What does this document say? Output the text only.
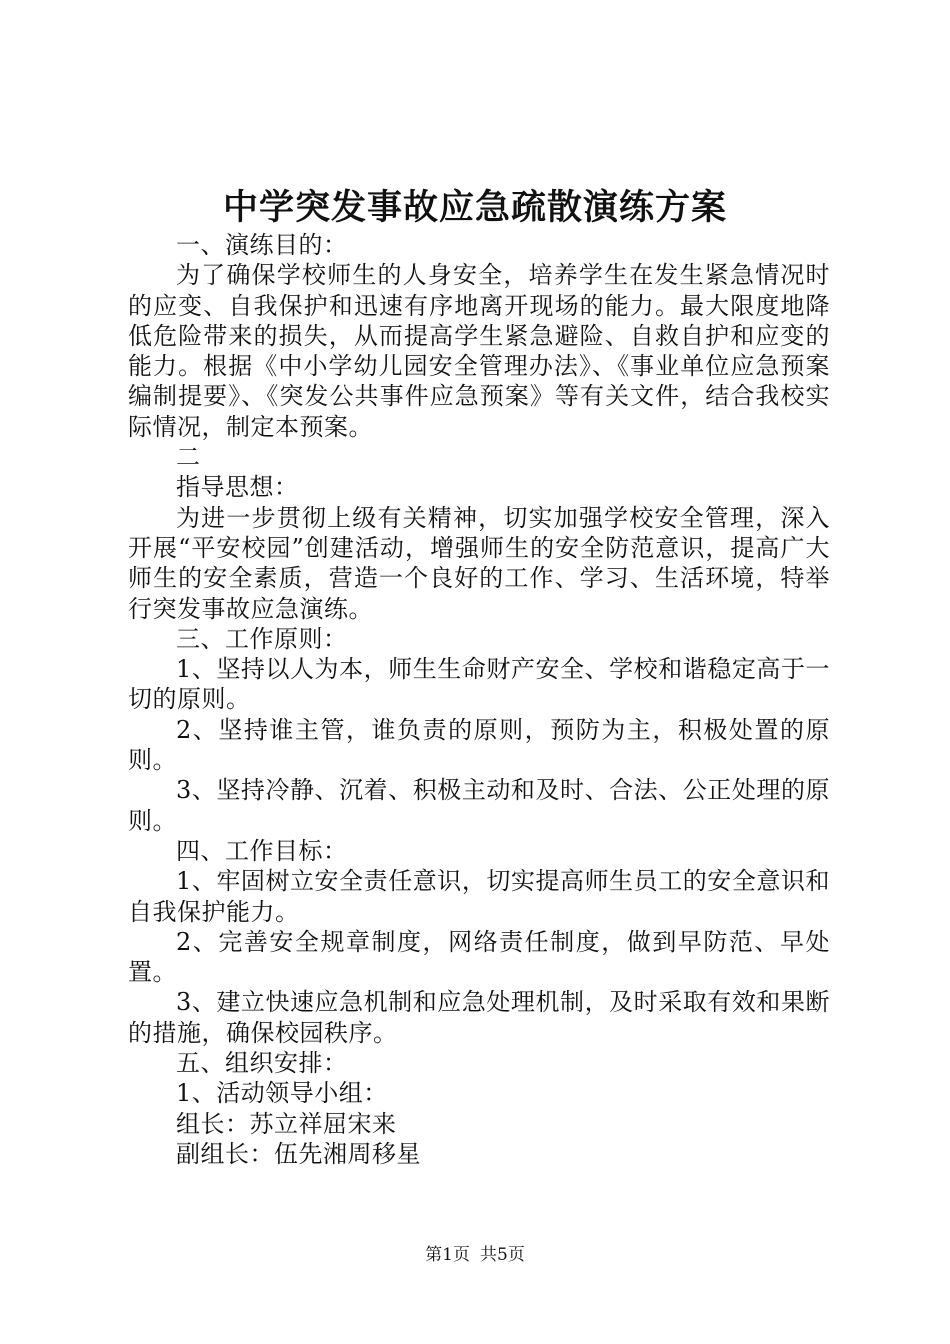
中学突发事故应急疏散演练方案

一、演练目的：

为了确保学校师生的人身安全，培养学生在发生紧急情况时的应变、自我保护和迅速有序地离开现场的能力。最大限度地降低危险带来的损失，从而提高学生紧急避险、自救自护和应变的能力。根据《中小学幼儿园安全管理办法》、《事业单位应急预案编制提要》、《突发公共事件应急预案》等有关文件，结合我校实际情况，制定本预案。

二

指导思想：

为进一步贯彻上级有关精神，切实加强学校安全管理，深入开展“平安校园”创建活动，增强师生的安全防范意识，提高广大师生的安全素质，营造一个良好的工作、学习、生活环境，特举行突发事故应急演练。

三、工作原则：

1、坚持以人为本，师生生命财产安全、学校和谐稳定高于一切的原则。

2、坚持谁主管，谁负责的原则，预防为主，积极处置的原则。

3、坚持冷静、沉着、积极主动和及时、合法、公正处理的原则。

四、工作目标：

1、牢固树立安全责任意识，切实提高师生员工的安全意识和自我保护能力。

2、完善安全规章制度，网络责任制度，做到早防范、早处置。

3、建立快速应急机制和应急处理机制，及时采取有效和果断的措施，确保校园秩序。

五、组织安排：

1、活动领导小组：

组长：苏立祥屈宋来

副组长：伍先湘周移星

第1页 共5页
